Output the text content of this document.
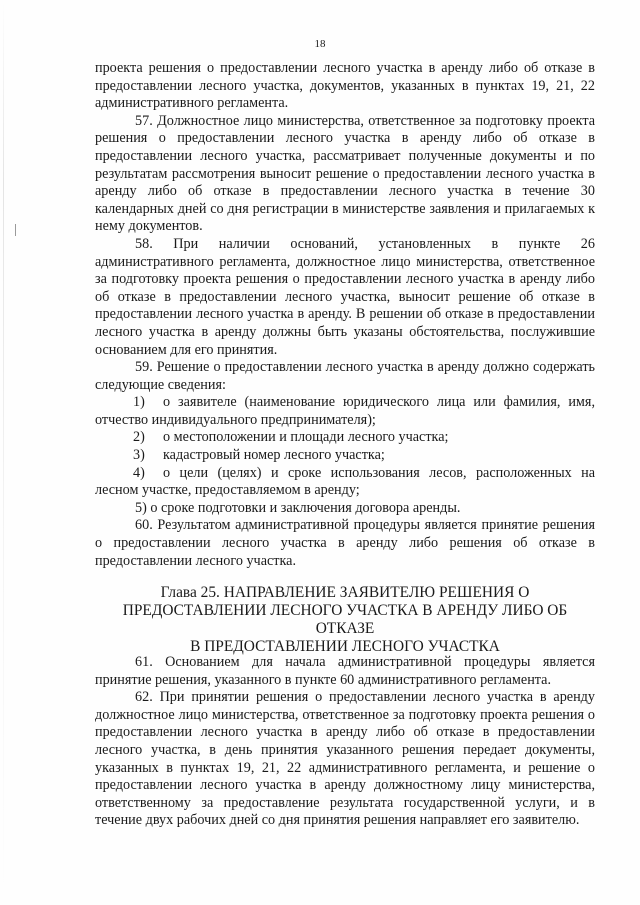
18

проекта решения о предоставлении лесного участка в аренду либо об отказе в предоставлении лесного участка, документов, указанных в пунктах 19, 21, 22 административного регламента.

57. Должностное лицо министерства, ответственное за подготовку проекта решения о предоставлении лесного участка в аренду либо об отказе в предоставлении лесного участка, рассматривает полученные документы и по результатам рассмотрения выносит решение о предоставлении лесного участка в аренду либо об отказе в предоставлении лесного участка в течение 30 календарных дней со дня регистрации в министерстве заявления и прилагаемых к нему документов.

58. При наличии оснований, установленных в пункте 26 административного регламента, должностное лицо министерства, ответственное за подготовку проекта решения о предоставлении лесного участка в аренду либо об отказе в предоставлении лесного участка, выносит решение об отказе в предоставлении лесного участка в аренду. В решении об отказе в предоставлении лесного участка в аренду должны быть указаны обстоятельства, послужившие основанием для его принятия.

59. Решение о предоставлении лесного участка в аренду должно содержать следующие сведения:

1)	о заявителе (наименование юридического лица или фамилия, имя,
отчество индивидуального предпринимателя);
2)	о местоположении и площади лесного участка;
3)	кадастровый номер лесного участка;
4)	о цели (целях) и сроке использования лесов, расположенных на
лесном участке, предоставляемом в аренду;

5) о сроке подготовки и заключения договора аренды.

60. Результатом административной процедуры является принятие решения о предоставлении лесного участка в аренду либо решения об отказе в предоставлении лесного участка.

Глава 25. НАПРАВЛЕНИЕ ЗАЯВИТЕЛЮ РЕШЕНИЯ О

ПРЕДОСТАВЛЕНИИ ЛЕСНОГО УЧАСТКА В АРЕНДУ ЛИБО ОБ ОТКАЗЕ

В ПРЕДОСТАВЛЕНИИ ЛЕСНОГО УЧАСТКА

61. Основанием для начала административной процедуры является принятие решения, указанного в пункте 60 административного регламента.

62. При принятии решения о предоставлении лесного участка в аренду должностное лицо министерства, ответственное за подготовку проекта решения о предоставлении лесного участка в аренду либо об отказе в предоставлении лесного участка, в день принятия указанного решения передает документы, указанных в пунктах 19, 21, 22 административного регламента, и решение о предоставлении лесного участка в аренду должностному лицу министерства, ответственному за предоставление результата государственной услуги, и в течение двух рабочих дней со дня принятия решения направляет его заявителю.
